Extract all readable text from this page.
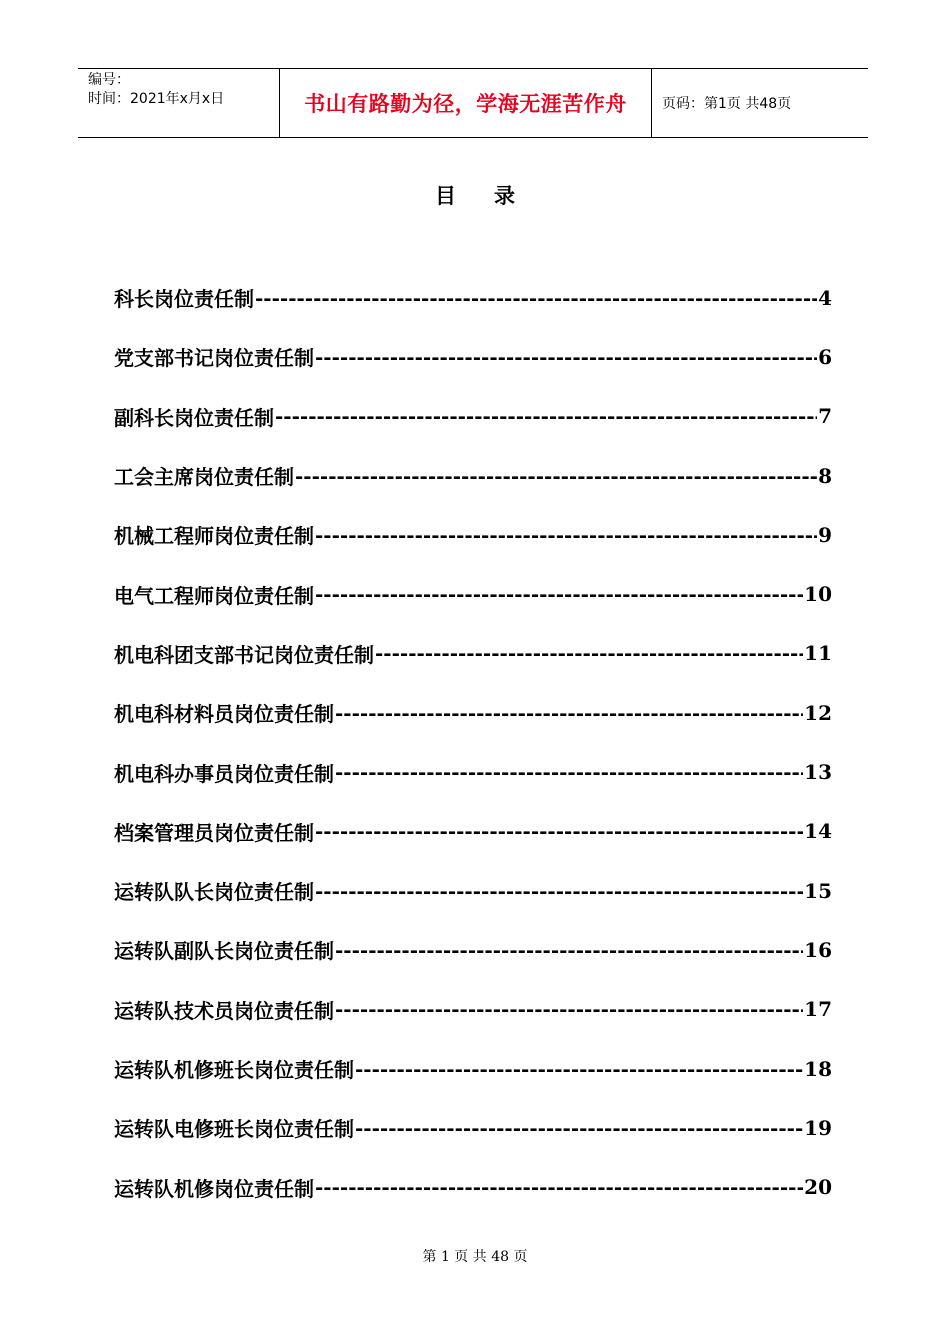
编号：
时间：2021年x月x日	书山有路勤为径，学海无涯苦作舟	页码：第1页 共48页
目录
科长岗位责任制 -----	4
党支部书记岗位责任制 -----	6
副科长岗位责任制 -----	7
工会主席岗位责任制 -----	8
机械工程师岗位责任制 -----	9
电气工程师岗位责任制 -----	10
机电科团支部书记岗位责任制 -----	11
机电科材料员岗位责任制 -----	12
机电科办事员岗位责任制 -----	13
档案管理员岗位责任制 -----	14
运转队队长岗位责任制 -----	15
运转队副队长岗位责任制 -----	16
运转队技术员岗位责任制 -----	17
运转队机修班长岗位责任制 -----	18
运转队电修班长岗位责任制 -----	19
运转队机修岗位责任制 -----	20
第 1 页 共 48 页
